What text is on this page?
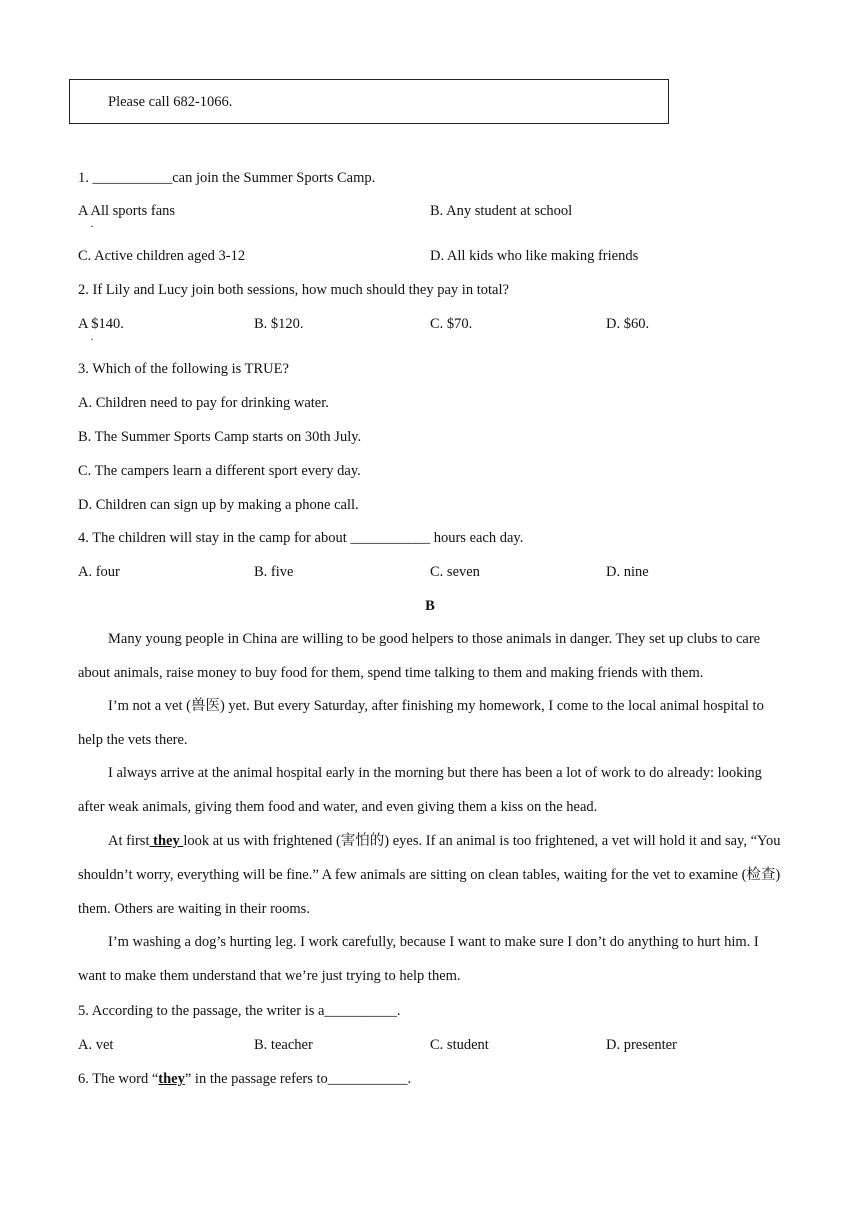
Please call 682-1066.
1. ___________can join the Summer Sports Camp.
A All sports fans
·
B. Any student at school
C. Active children aged 3-12	D. All kids who like making friends
2. If Lily and Lucy join both sessions, how much should they pay in total?
A $140.
·
B. $120.	C. $70.	D. $60.
3. Which of the following is TRUE?
A. Children need to pay for drinking water.
B. The Summer Sports Camp starts on 30th July.
C. The campers learn a different sport every day.
D. Children can sign up by making a phone call.
4. The children will stay in the camp for about ___________ hours each day.
A. four	B. five	C. seven	D. nine
B
Many young people in China are willing to be good helpers to those animals in danger. They set up clubs to care about animals, raise money to buy food for them, spend time talking to them and making friends with them.
I’m not a vet (兽医) yet. But every Saturday, after finishing my homework, I come to the local animal hospital to help the vets there.
I always arrive at the animal hospital early in the morning but there has been a lot of work to do already: looking after weak animals, giving them food and water, and even giving them a kiss on the head.
At first they look at us with frightened (害怕的) eyes. If an animal is too frightened, a vet will hold it and say, “You shouldn’t worry, everything will be fine.” A few animals are sitting on clean tables, waiting for the vet to examine (检查) them. Others are waiting in their rooms.
I’m washing a dog’s hurting leg. I work carefully, because I want to make sure I don’t do anything to hurt him. I want to make them understand that we’re just trying to help them.
5. According to the passage, the writer is a__________.
A. vet	B. teacher	C. student	D. presenter
6. The word “they” in the passage refers to___________.
